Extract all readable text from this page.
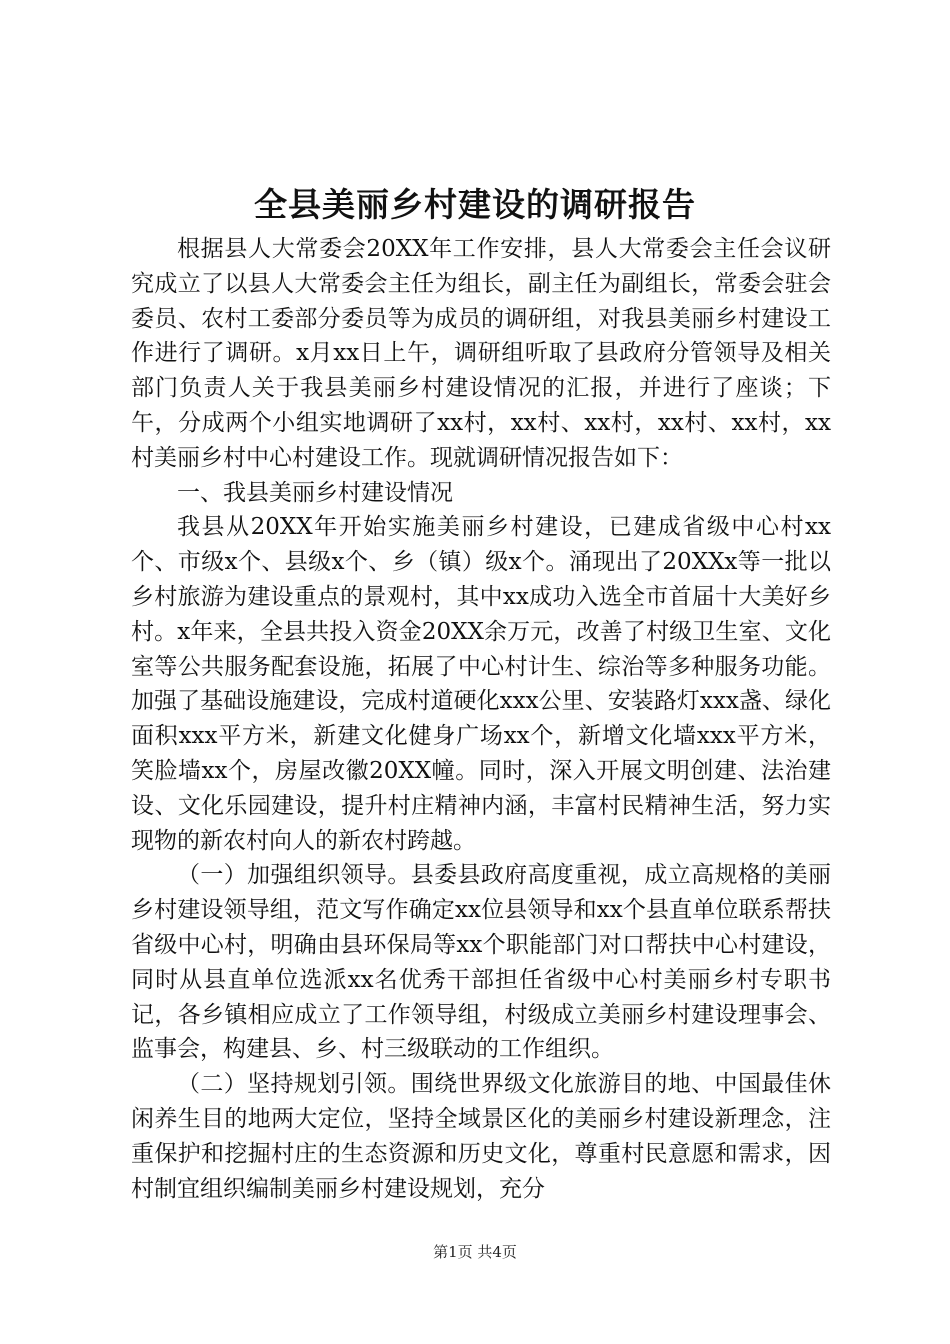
全县美丽乡村建设的调研报告

根据县人大常委会20XX年工作安排，县人大常委会主任会议研究成立了以县人大常委会主任为组长，副主任为副组长，常委会驻会委员、农村工委部分委员等为成员的调研组，对我县美丽乡村建设工作进行了调研。x月xx日上午，调研组听取了县政府分管领导及相关部门负责人关于我县美丽乡村建设情况的汇报，并进行了座谈；下午，分成两个小组实地调研了xx村，xx村、xx村，xx村、xx村，xx村美丽乡村中心村建设工作。现就调研情况报告如下：

一、我县美丽乡村建设情况

我县从20XX年开始实施美丽乡村建设，已建成省级中心村xx个、市级x个、县级x个、乡（镇）级x个。涌现出了20XXx等一批以乡村旅游为建设重点的景观村，其中xx成功入选全市首届十大美好乡村。x年来，全县共投入资金20XX余万元，改善了村级卫生室、文化室等公共服务配套设施，拓展了中心村计生、综治等多种服务功能。加强了基础设施建设，完成村道硬化xxx公里、安装路灯xxx盏、绿化面积xxx平方米，新建文化健身广场xx个，新增文化墙xxx平方米，笑脸墙xx个，房屋改徽20XX幢。同时，深入开展文明创建、法治建设、文化乐园建设，提升村庄精神内涵，丰富村民精神生活，努力实现物的新农村向人的新农村跨越。

（一）加强组织领导。县委县政府高度重视，成立高规格的美丽乡村建设领导组，范文写作确定xx位县领导和xx个县直单位联系帮扶省级中心村，明确由县环保局等xx个职能部门对口帮扶中心村建设，同时从县直单位选派xx名优秀干部担任省级中心村美丽乡村专职书记，各乡镇相应成立了工作领导组，村级成立美丽乡村建设理事会、监事会，构建县、乡、村三级联动的工作组织。

（二）坚持规划引领。围绕世界级文化旅游目的地、中国最佳休闲养生目的地两大定位，坚持全域景区化的美丽乡村建设新理念，注重保护和挖掘村庄的生态资源和历史文化，尊重村民意愿和需求，因村制宜组织编制美丽乡村建设规划，充分

第1页 共4页
